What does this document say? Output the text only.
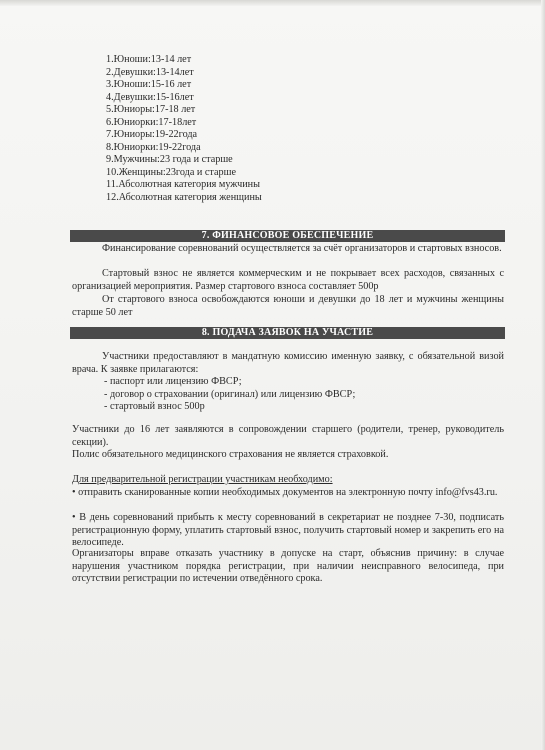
1.Юноши:13-14 лет
2.Девушки:13-14лет
3.Юноши:15-16 лет
4.Девушки:15-16лет
5.Юниоры:17-18 лет
6.Юниорки:17-18лет
7.Юниоры:19-22года
8.Юниорки:19-22года
9.Мужчины:23 года и старше
10.Женщины:23года и старше
11.Абсолютная категория мужчины
12.Абсолютная категория женщины
7. ФИНАНСОВОЕ ОБЕСПЕЧЕНИЕ

Финансирование соревнований осуществляется за счёт организаторов и стартовых взносов.

Стартовый взнос не является коммерческим и не покрывает всех расходов, связанных с организацией мероприятия. Размер стартового взноса составляет 500р

От стартового взноса освобождаются юноши и девушки до 18 лет и мужчины женщины старше 50 лет

8. ПОДАЧА ЗАЯВОК НА УЧАСТИЕ

Участники предоставляют в мандатную комиссию именную заявку, с обязательной визой врача. К заявке прилагаются:

- паспорт или лицензию ФВСР;
- договор о страховании (оригинал) или лицензию ФВСР;
- стартовый взнос 500р

Участники до 16 лет заявляются в сопровождении старшего (родители, тренер, руководитель секции).

Полис обязательного медицинского страхования не является страховкой.

Для предварительной регистрации участникам необходимо:

• отправить сканированные копии необходимых документов на электронную почту info@fvs43.ru.

• В день соревнований прибыть к месту соревнований в секретариат не позднее 7-30, подписать регистрационную форму, уплатить стартовый взнос, получить стартовый номер и закрепить его на велосипеде.

Организаторы вправе отказать участнику в допуске на старт, объяснив причину: в случае нарушения участником порядка регистрации, при наличии неисправного велосипеда, при отсутствии регистрации по истечении отведённого срока.
